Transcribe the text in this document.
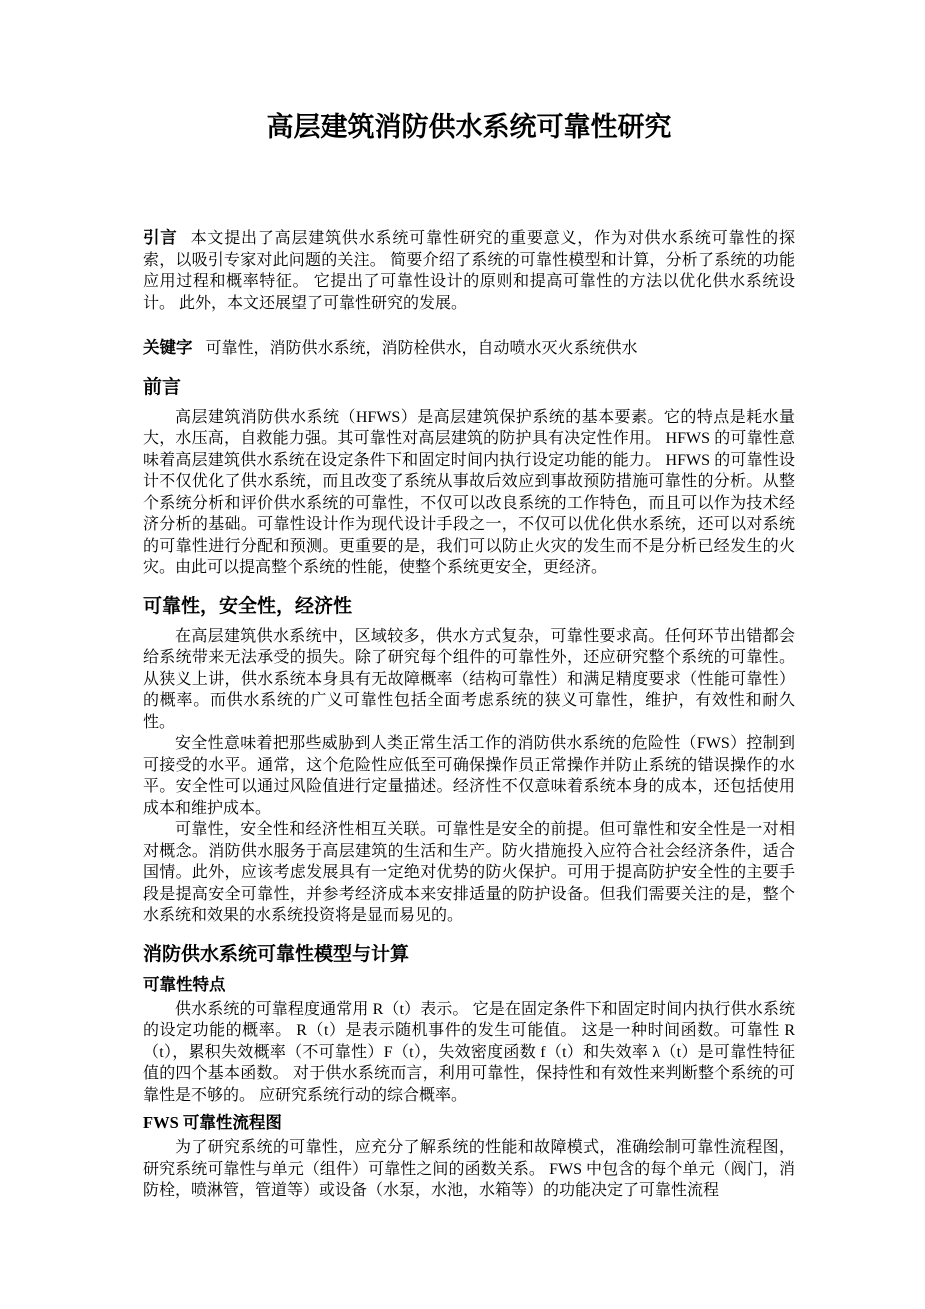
高层建筑消防供水系统可靠性研究

引言 本文提出了高层建筑供水系统可靠性研究的重要意义，作为对供水系统可靠性的探索，以吸引专家对此问题的关注。 简要介绍了系统的可靠性模型和计算，分析了系统的功能应用过程和概率特征。 它提出了可靠性设计的原则和提高可靠性的方法以优化供水系统设计。 此外，本文还展望了可靠性研究的发展。

关键字 可靠性，消防供水系统，消防栓供水，自动喷水灭火系统供水

前言

高层建筑消防供水系统（HFWS）是高层建筑保护系统的基本要素。它的特点是耗水量大，水压高，自救能力强。其可靠性对高层建筑的防护具有决定性作用。 HFWS 的可靠性意味着高层建筑供水系统在设定条件下和固定时间内执行设定功能的能力。 HFWS 的可靠性设计不仅优化了供水系统，而且改变了系统从事故后效应到事故预防措施可靠性的分析。从整个系统分析和评价供水系统的可靠性，不仅可以改良系统的工作特色，而且可以作为技术经济分析的基础。可靠性设计作为现代设计手段之一，不仅可以优化供水系统，还可以对系统的可靠性进行分配和预测。更重要的是，我们可以防止火灾的发生而不是分析已经发生的火灾。由此可以提高整个系统的性能，使整个系统更安全，更经济。

可靠性，安全性，经济性

在高层建筑供水系统中，区域较多，供水方式复杂，可靠性要求高。任何环节出错都会给系统带来无法承受的损失。除了研究每个组件的可靠性外，还应研究整个系统的可靠性。从狭义上讲，供水系统本身具有无故障概率（结构可靠性）和满足精度要求（性能可靠性）的概率。而供水系统的广义可靠性包括全面考虑系统的狭义可靠性，维护，有效性和耐久性。

安全性意味着把那些威胁到人类正常生活工作的消防供水系统的危险性（FWS）控制到可接受的水平。通常，这个危险性应低至可确保操作员正常操作并防止系统的错误操作的水平。安全性可以通过风险值进行定量描述。经济性不仅意味着系统本身的成本，还包括使用成本和维护成本。

可靠性，安全性和经济性相互关联。可靠性是安全的前提。但可靠性和安全性是一对相对概念。消防供水服务于高层建筑的生活和生产。防火措施投入应符合社会经济条件，适合国情。此外，应该考虑发展具有一定绝对优势的防火保护。可用于提高防护安全性的主要手段是提高安全可靠性，并参考经济成本来安排适量的防护设备。但我们需要关注的是，整个水系统和效果的水系统投资将是显而易见的。

消防供水系统可靠性模型与计算
可靠性特点

供水系统的可靠程度通常用 R（t）表示。 它是在固定条件下和固定时间内执行供水系统的设定功能的概率。 R（t）是表示随机事件的发生可能值。 这是一种时间函数。可靠性 R（t），累积失效概率（不可靠性）F（t），失效密度函数 f（t）和失效率 λ（t）是可靠性特征值的四个基本函数。 对于供水系统而言，利用可靠性，保持性和有效性来判断整个系统的可靠性是不够的。 应研究系统行动的综合概率。

FWS 可靠性流程图

为了研究系统的可靠性，应充分了解系统的性能和故障模式，准确绘制可靠性流程图，研究系统可靠性与单元（组件）可靠性之间的函数关系。 FWS 中包含的每个单元（阀门，消防栓，喷淋管，管道等）或设备（水泵，水池，水箱等）的功能决定了可靠性流程
